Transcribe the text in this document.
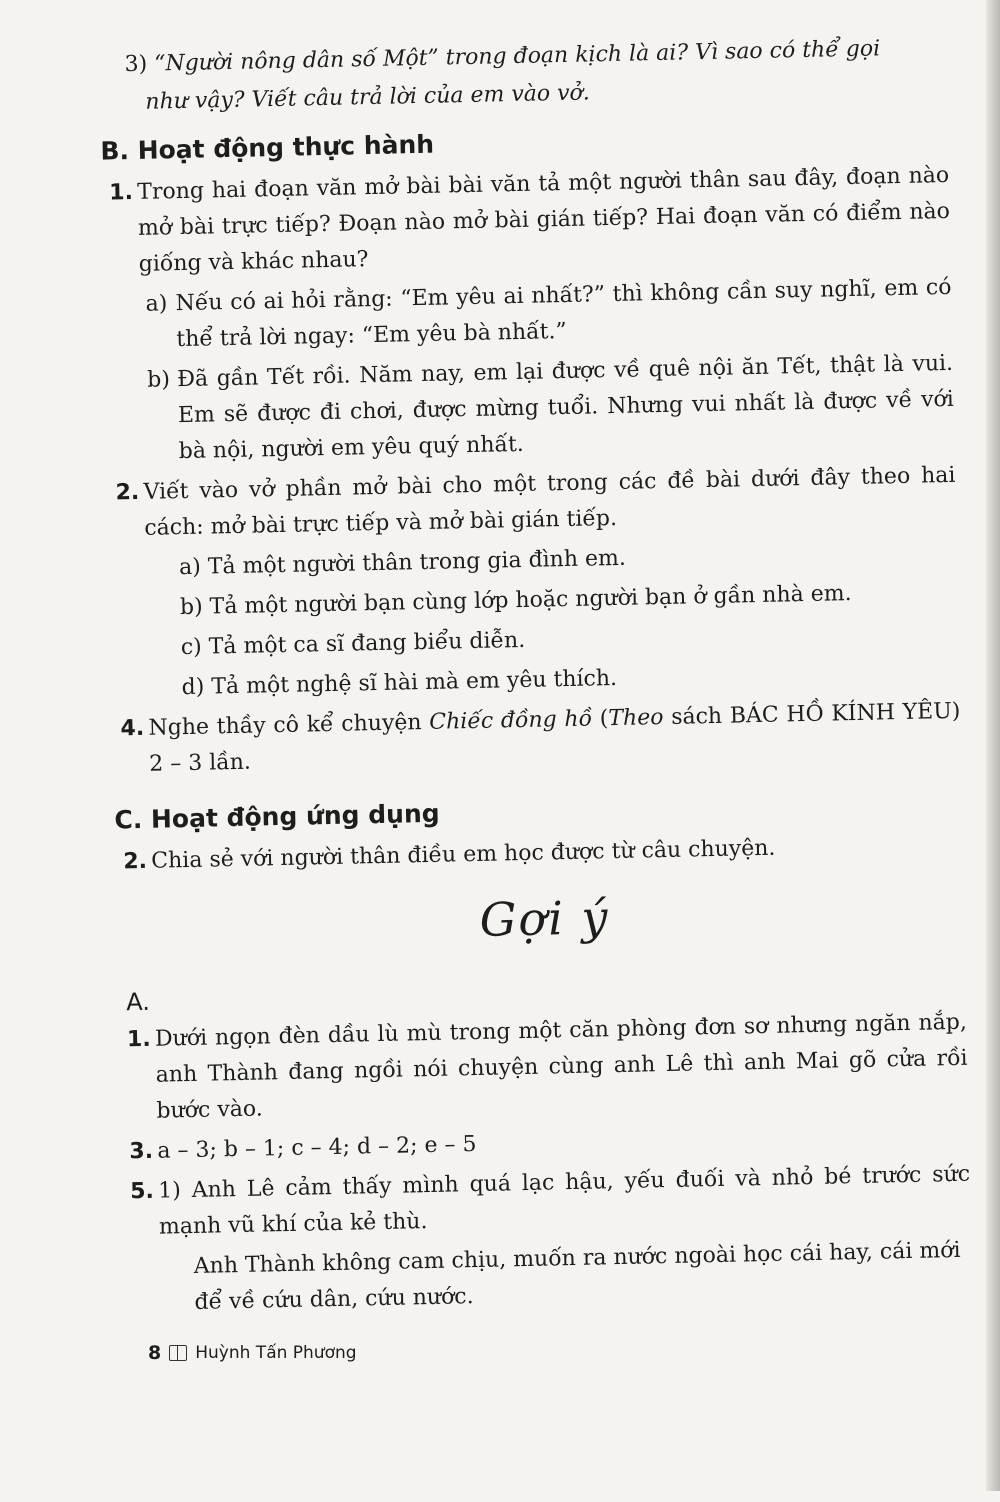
3) “Người nông dân số Một” trong đoạn kịch là ai? Vì sao có thể gọi

như vậy? Viết câu trả lời của em vào vở.

B. Hoạt động thực hành
1. Trong hai đoạn văn mở bài bài văn tả một người thân sau đây, đoạn nào mở bài trực tiếp? Đoạn nào mở bài gián tiếp? Hai đoạn văn có điểm nào giống và khác nhau?
a) Nếu có ai hỏi rằng: “Em yêu ai nhất?” thì không cần suy nghĩ, em có thể trả lời ngay: “Em yêu bà nhất.”
b) Đã gần Tết rồi. Năm nay, em lại được về quê nội ăn Tết, thật là vui. Em sẽ được đi chơi, được mừng tuổi. Nhưng vui nhất là được về với bà nội, người em yêu quý nhất.
2. Viết vào vở phần mở bài cho một trong các đề bài dưới đây theo hai cách: mở bài trực tiếp và mở bài gián tiếp.
a) Tả một người thân trong gia đình em.
b) Tả một người bạn cùng lớp hoặc người bạn ở gần nhà em.
c) Tả một ca sĩ đang biểu diễn.
d) Tả một nghệ sĩ hài mà em yêu thích.
4. Nghe thầy cô kể chuyện Chiếc đồng hồ (Theo sách BÁC HỒ KÍNH YÊU) 2 – 3 lần.
C. Hoạt động ứng dụng
2. Chia sẻ với người thân điều em học được từ câu chuyện.
Gợi ý
A.
1. Dưới ngọn đèn dầu lù mù trong một căn phòng đơn sơ nhưng ngăn nắp, anh Thành đang ngồi nói chuyện cùng anh Lê thì anh Mai gõ cửa rồi bước vào.
3. a – 3; b – 1; c – 4; d – 2; e – 5
5. 1) Anh Lê cảm thấy mình quá lạc hậu, yếu đuối và nhỏ bé trước sức mạnh vũ khí của kẻ thù.
Anh Thành không cam chịu, muốn ra nước ngoài học cái hay, cái mới để về cứu dân, cứu nước.
8 Huỳnh Tấn Phương
